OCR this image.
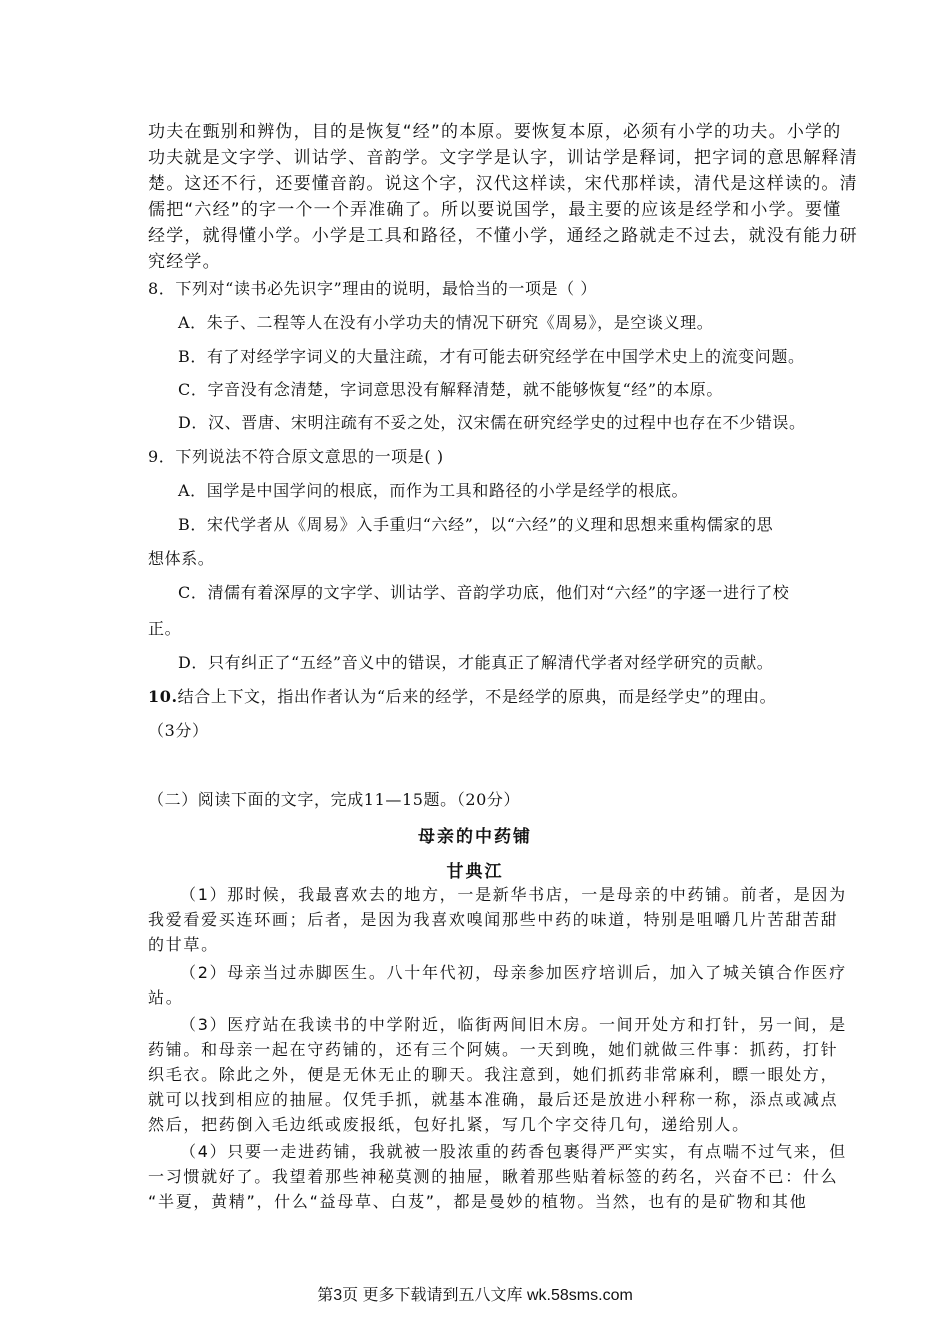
功夫在甄别和辨伪，目的是恢复“经”的本原。要恢复本原，必须有小学的功夫。小学的
功夫就是文字学、训诂学、音韵学。文字学是认字，训诂学是释词，把字词的意思解释清
楚。这还不行，还要懂音韵。说这个字，汉代这样读，宋代那样读，清代是这样读的。清
儒把“六经”的字一个一个弄准确了。所以要说国学，最主要的应该是经学和小学。要懂
经学，就得懂小学。小学是工具和路径，不懂小学，通经之路就走不过去，就没有能力研
究经学。
8．下列对“读书必先识字”理由的说明，最恰当的一项是（ ）
A．朱子、二程等人在没有小学功夫的情况下研究《周易》，是空谈义理。
B．有了对经学字词义的大量注疏，才有可能去研究经学在中国学术史上的流变问题。
C．字音没有念清楚，字词意思没有解释清楚，就不能够恢复“经”的本原。
D．汉、晋唐、宋明注疏有不妥之处，汉宋儒在研究经学史的过程中也存在不少错误。
9．下列说法不符合原文意思的一项是( )
A．国学是中国学问的根底，而作为工具和路径的小学是经学的根底。
B．宋代学者从《周易》入手重归“六经”，以“六经”的义理和思想来重构儒家的思
想体系。
C．清儒有着深厚的文字学、训诂学、音韵学功底，他们对“六经”的字逐一进行了校
正。
D．只有纠正了“五经”音义中的错误，才能真正了解清代学者对经学研究的贡献。
10.结合上下文，指出作者认为“后来的经学，不是经学的原典，而是经学史”的理由。
（3分）
（二）阅读下面的文字，完成11—15题。（20分）
母亲的中药铺
甘典江
（1）那时候，我最喜欢去的地方，一是新华书店，一是母亲的中药铺。前者，是因为
我爱看爱买连环画；后者，是因为我喜欢嗅闻那些中药的味道，特别是咀嚼几片苦甜苦甜
的甘草。
（2）母亲当过赤脚医生。八十年代初，母亲参加医疗培训后，加入了城关镇合作医疗
站。
（3）医疗站在我读书的中学附近，临街两间旧木房。一间开处方和打针，另一间，是
药铺。和母亲一起在守药铺的，还有三个阿姨。一天到晚，她们就做三件事：抓药，打针
织毛衣。除此之外，便是无休无止的聊天。我注意到，她们抓药非常麻利，瞟一眼处方，
就可以找到相应的抽屉。仅凭手抓，就基本准确，最后还是放进小秤称一称，添点或减点
然后，把药倒入毛边纸或废报纸，包好扎紧，写几个字交待几句，递给别人。
（4）只要一走进药铺，我就被一股浓重的药香包裹得严严实实，有点喘不过气来，但
一习惯就好了。我望着那些神秘莫测的抽屉，瞅着那些贴着标签的药名，兴奋不已：什么
“半夏，黄精”，什么“益母草、白芨”，都是曼妙的植物。当然，也有的是矿物和其他
第3页 更多下载请到五八文库 wk.58sms.com
